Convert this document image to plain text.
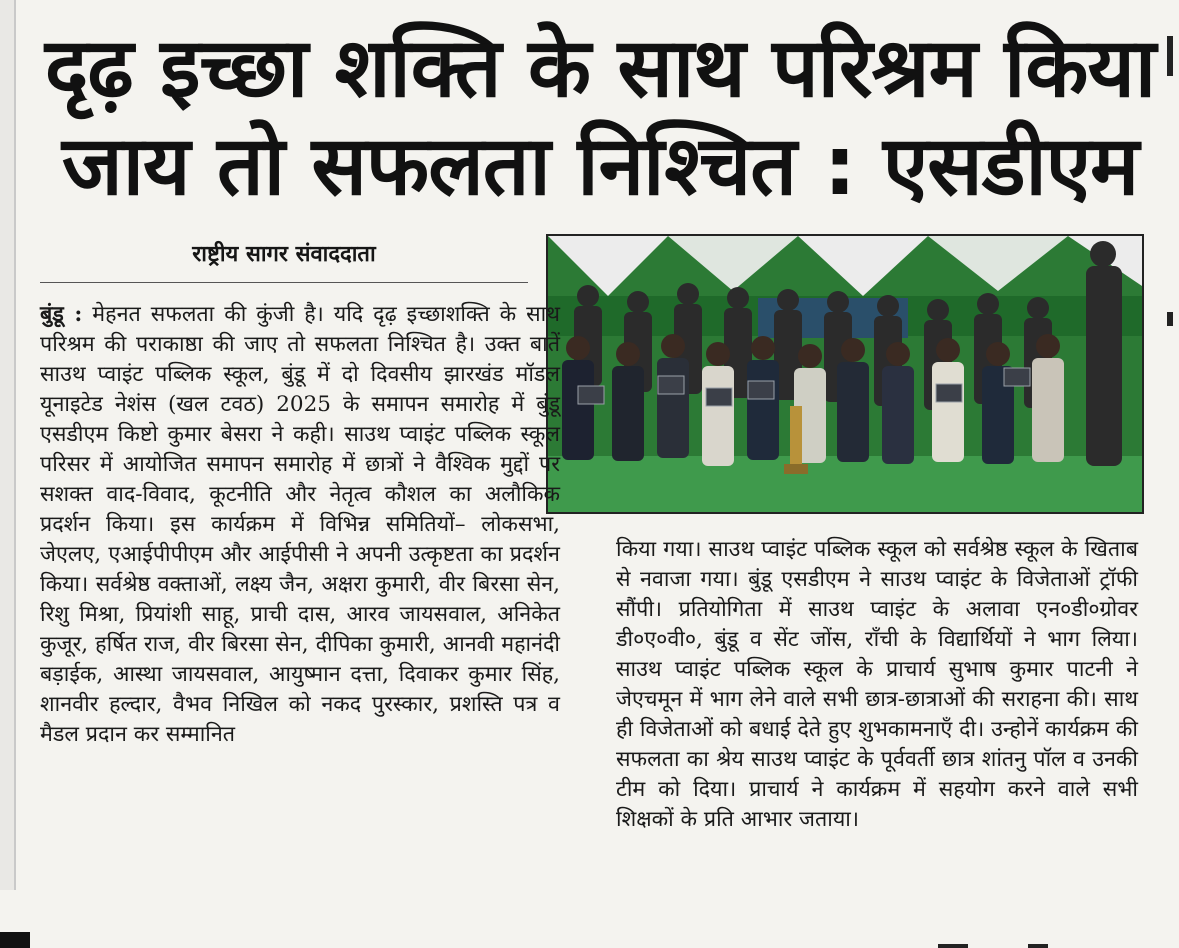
दृढ़ इच्छा शक्ति के साथ परिश्रम किया जाय तो सफलता निश्चित : एसडीएम
राष्ट्रीय सागर संवाददाता
बुंडू : मेहनत सफलता की कुंजी है। यदि दृढ़ इच्छाशक्ति के साथ परिश्रम की पराकाष्ठा की जाए तो सफलता निश्चित है। उक्त बातें साउथ प्वाइंट पब्लिक स्कूल, बुंडू में दो दिवसीय झारखंड मॉडल यूनाइटेड नेशंस (खल टवठ) 2025 के समापन समारोह में बुंडू एसडीएम किष्टो कुमार बेसरा ने कही। साउथ प्वाइंट पब्लिक स्कूल परिसर में आयोजित समापन समारोह में छात्रों ने वैश्विक मुद्दों पर सशक्त वाद-विवाद, कूटनीति और नेतृत्व कौशल का अलौकिक प्रदर्शन किया। इस कार्यक्रम में विभिन्न समितियों– लोकसभा, जेएलए, एआईपीपीएम और आईपीसी ने अपनी उत्कृष्टता का प्रदर्शन किया। सर्वश्रेष्ठ वक्ताओं, लक्ष्य जैन, अक्षरा कुमारी, वीर बिरसा सेन, रिशु मिश्रा, प्रियांशी साहू, प्राची दास, आरव जायसवाल, अनिकेत कुजूर, हर्षित राज, वीर बिरसा सेन, दीपिका कुमारी, आनवी महानंदी बड़ाईक, आस्था जायसवाल, आयुष्मान दत्ता, दिवाकर कुमार सिंह, शानवीर हल्दार, वैभव निखिल को नकद पुरस्कार, प्रशस्ति पत्र व मैडल प्रदान कर सम्मानित
किया गया। साउथ प्वाइंट पब्लिक स्कूल को सर्वश्रेष्ठ स्कूल के खिताब से नवाजा गया। बुंडू एसडीएम ने साउथ प्वाइंट के विजेताओं ट्रॉफी सौंपी। प्रतियोगिता में साउथ प्वाइंट के अलावा एन०डी०ग्रोवर डी०ए०वी०, बुंडू व सेंट जोंस, राँची के विद्यार्थियों ने भाग लिया। साउथ प्वाइंट पब्लिक स्कूल के प्राचार्य सुभाष कुमार पाटनी ने जेएचमून में भाग लेने वाले सभी छात्र-छात्राओं की सराहना की। साथ ही विजेताओं को बधाई देते हुए शुभकामनाएँ दी। उन्होनें कार्यक्रम की सफलता का श्रेय साउथ प्वाइंट के पूर्ववर्ती छात्र शांतनु पॉल व उनकी टीम को दिया। प्राचार्य ने कार्यक्रम में सहयोग करने वाले सभी शिक्षकों के प्रति आभार जताया।
